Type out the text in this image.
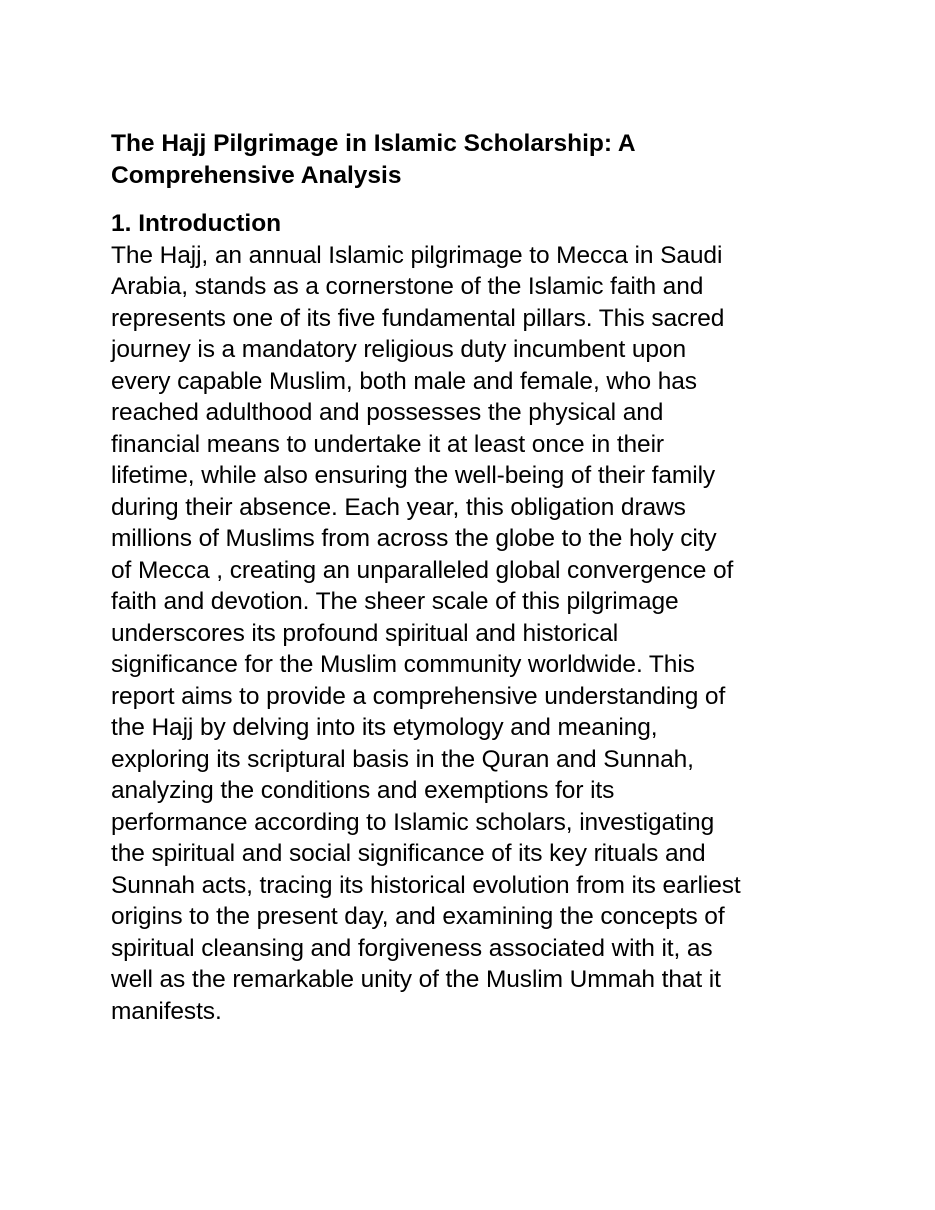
The Hajj Pilgrimage in Islamic Scholarship: A
Comprehensive Analysis
1. Introduction

The Hajj, an annual Islamic pilgrimage to Mecca in Saudi
Arabia, stands as a cornerstone of the Islamic faith and
represents one of its five fundamental pillars. This sacred
journey is a mandatory religious duty incumbent upon
every capable Muslim, both male and female, who has
reached adulthood and possesses the physical and
financial means to undertake it at least once in their
lifetime, while also ensuring the well-being of their family
during their absence. Each year, this obligation draws
millions of Muslims from across the globe to the holy city
of Mecca , creating an unparalleled global convergence of
faith and devotion. The sheer scale of this pilgrimage
underscores its profound spiritual and historical
significance for the Muslim community worldwide. This
report aims to provide a comprehensive understanding of
the Hajj by delving into its etymology and meaning,
exploring its scriptural basis in the Quran and Sunnah,
analyzing the conditions and exemptions for its
performance according to Islamic scholars, investigating
the spiritual and social significance of its key rituals and
Sunnah acts, tracing its historical evolution from its earliest
origins to the present day, and examining the concepts of
spiritual cleansing and forgiveness associated with it, as
well as the remarkable unity of the Muslim Ummah that it
manifests.
